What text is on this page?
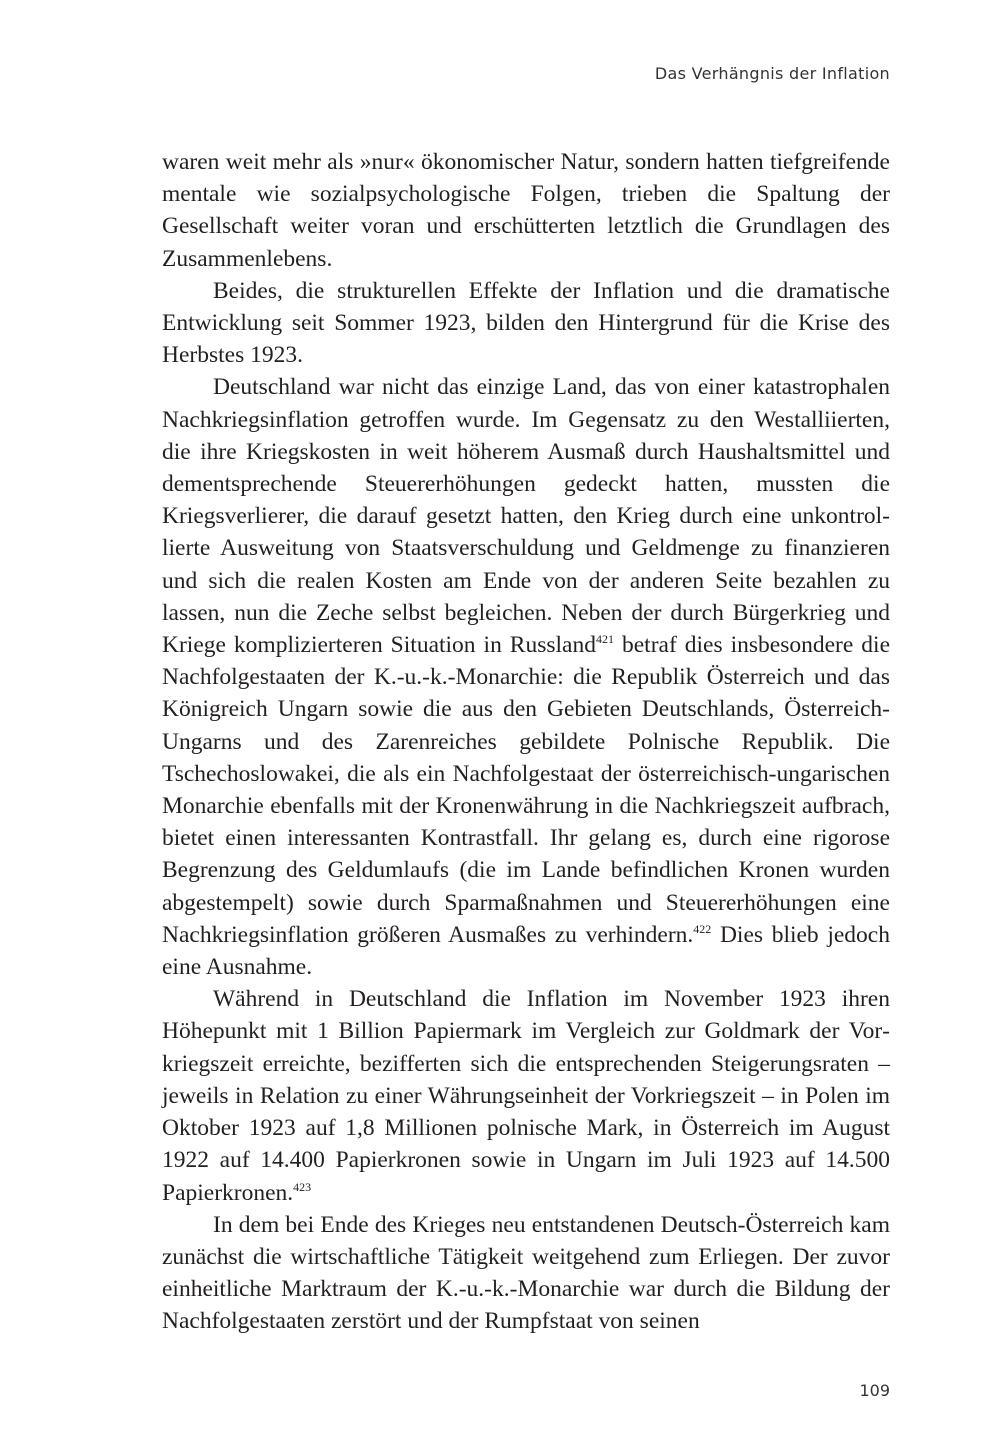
Das Verhängnis der Inflation

waren weit mehr als »nur« ökonomischer Natur, sondern hatten tiefgreifende mentale wie sozialpsychologische Folgen, trieben die Spaltung der Gesellschaft weiter voran und erschütterten letztlich die Grundlagen des Zusammenlebens.

Beides, die strukturellen Effekte der Inflation und die dramatische Entwicklung seit Sommer 1923, bilden den Hintergrund für die Krise des Herbstes 1923.

Deutschland war nicht das einzige Land, das von einer katastrophalen Nachkriegsinflation getroffen wurde. Im Gegensatz zu den Westalliierten, die ihre Kriegskosten in weit höherem Ausmaß durch Haushaltsmittel und dementsprechende Steuererhöhungen gedeckt hatten, mussten die Kriegsverlierer, die darauf gesetzt hatten, den Krieg durch eine unkontrollierte Ausweitung von Staatsverschuldung und Geldmenge zu finanzieren und sich die realen Kosten am Ende von der anderen Seite bezahlen zu lassen, nun die Zeche selbst begleichen. Neben der durch Bürgerkrieg und Kriege komplizierteren Situation in Russland$^{421}$ betraf dies insbesondere die Nachfolgestaaten der K.-u.-k.-Monarchie: die Republik Österreich und das Königreich Ungarn sowie die aus den Gebieten Deutschlands, Österreich-Ungarns und des Zarenreiches gebildete Polnische Republik. Die Tschechoslowakei, die als ein Nachfolgestaat der österreichisch-ungarischen Monarchie ebenfalls mit der Kronenwährung in die Nachkriegszeit aufbrach, bietet einen interessanten Kontrastfall. Ihr gelang es, durch eine rigorose Begrenzung des Geldumlaufs (die im Lande befindlichen Kronen wurden abgestempelt) sowie durch Sparmaßnahmen und Steuererhöhungen eine Nachkriegsinflation größeren Ausmaßes zu verhindern.$^{422}$ Dies blieb jedoch eine Ausnahme.

Während in Deutschland die Inflation im November 1923 ihren Höhepunkt mit 1 Billion Papiermark im Vergleich zur Goldmark der Vorkriegszeit erreichte, bezifferten sich die entsprechenden Steigerungsraten – jeweils in Relation zu einer Währungseinheit der Vorkriegszeit – in Polen im Oktober 1923 auf 1,8 Millionen polnische Mark, in Österreich im August 1922 auf 14.400 Papierkronen sowie in Ungarn im Juli 1923 auf 14.500 Papierkronen.$^{423}$

In dem bei Ende des Krieges neu entstandenen Deutsch-Österreich kam zunächst die wirtschaftliche Tätigkeit weitgehend zum Erliegen. Der zuvor einheitliche Marktraum der K.-u.-k.-Monarchie war durch die Bildung der Nachfolgestaaten zerstört und der Rumpfstaat von seinen

109
